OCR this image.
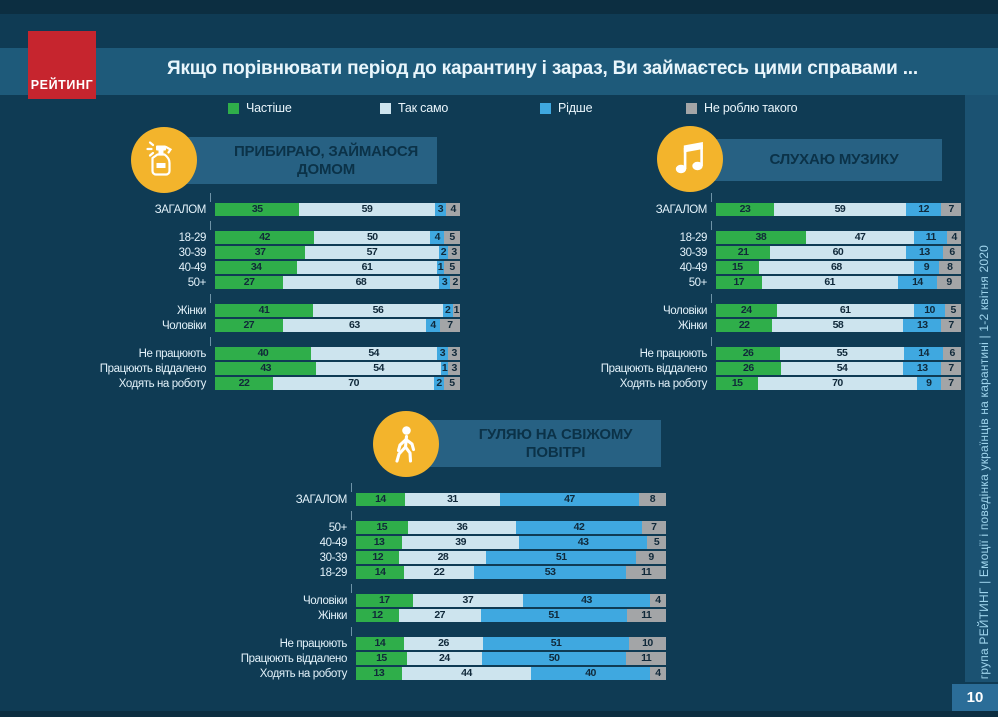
РЕЙТИНГ
Якщо порівнювати період до карантину і зараз, Ви займаєтесь цими справами ...
Частіше	Так само	Рідше	Не роблю такого
ПРИБИРАЮ, ЗАЙМАЮСЯ ДОМОМ
СЛУХАЮ МУЗИКУ
ГУЛЯЮ НА СВІЖОМУ ПОВІТРІ
ЗАГАЛОМ	35	59	3 4
18-29	42	50	4 5
30-39	37	57	2 3
40-49	34	61	1 5
50+	27	68	3 2
Жінки	41	56	2 1
Чоловіки	27	63	4 7
Не працюють	40	54	3 3
Працюють віддалено	43	54	1 3
Ходять на роботу	22	70	2 5
ЗАГАЛОМ	23	59	12 7
18-29	38	47	11 4
30-39	21	60	13 6
40-49	15	68	9 8
50+	17	61	14 9
Чоловіки	24	61	10 5
Жінки	22	58	13 7
Не працюють	26	55	14 6
Працюють віддалено	26	54	13 7
Ходять на роботу	15	70	9 7
ЗАГАЛОМ	14	31	47	8
50+	15	36	42	7
40-49	13	39	43	5
30-39	12	28	51	9
18-29	14	22	53	11
Чоловіки	17	37	43	4
Жінки	12	27	51	11
Не працюють	14	26	51	10
Працюють віддалено	15	24	50	11
Ходять на роботу	13	44	40	4	група РЕЙТИНГ | Емоції і поведінка українців на карантині | 1-2 квітня 2020
10
